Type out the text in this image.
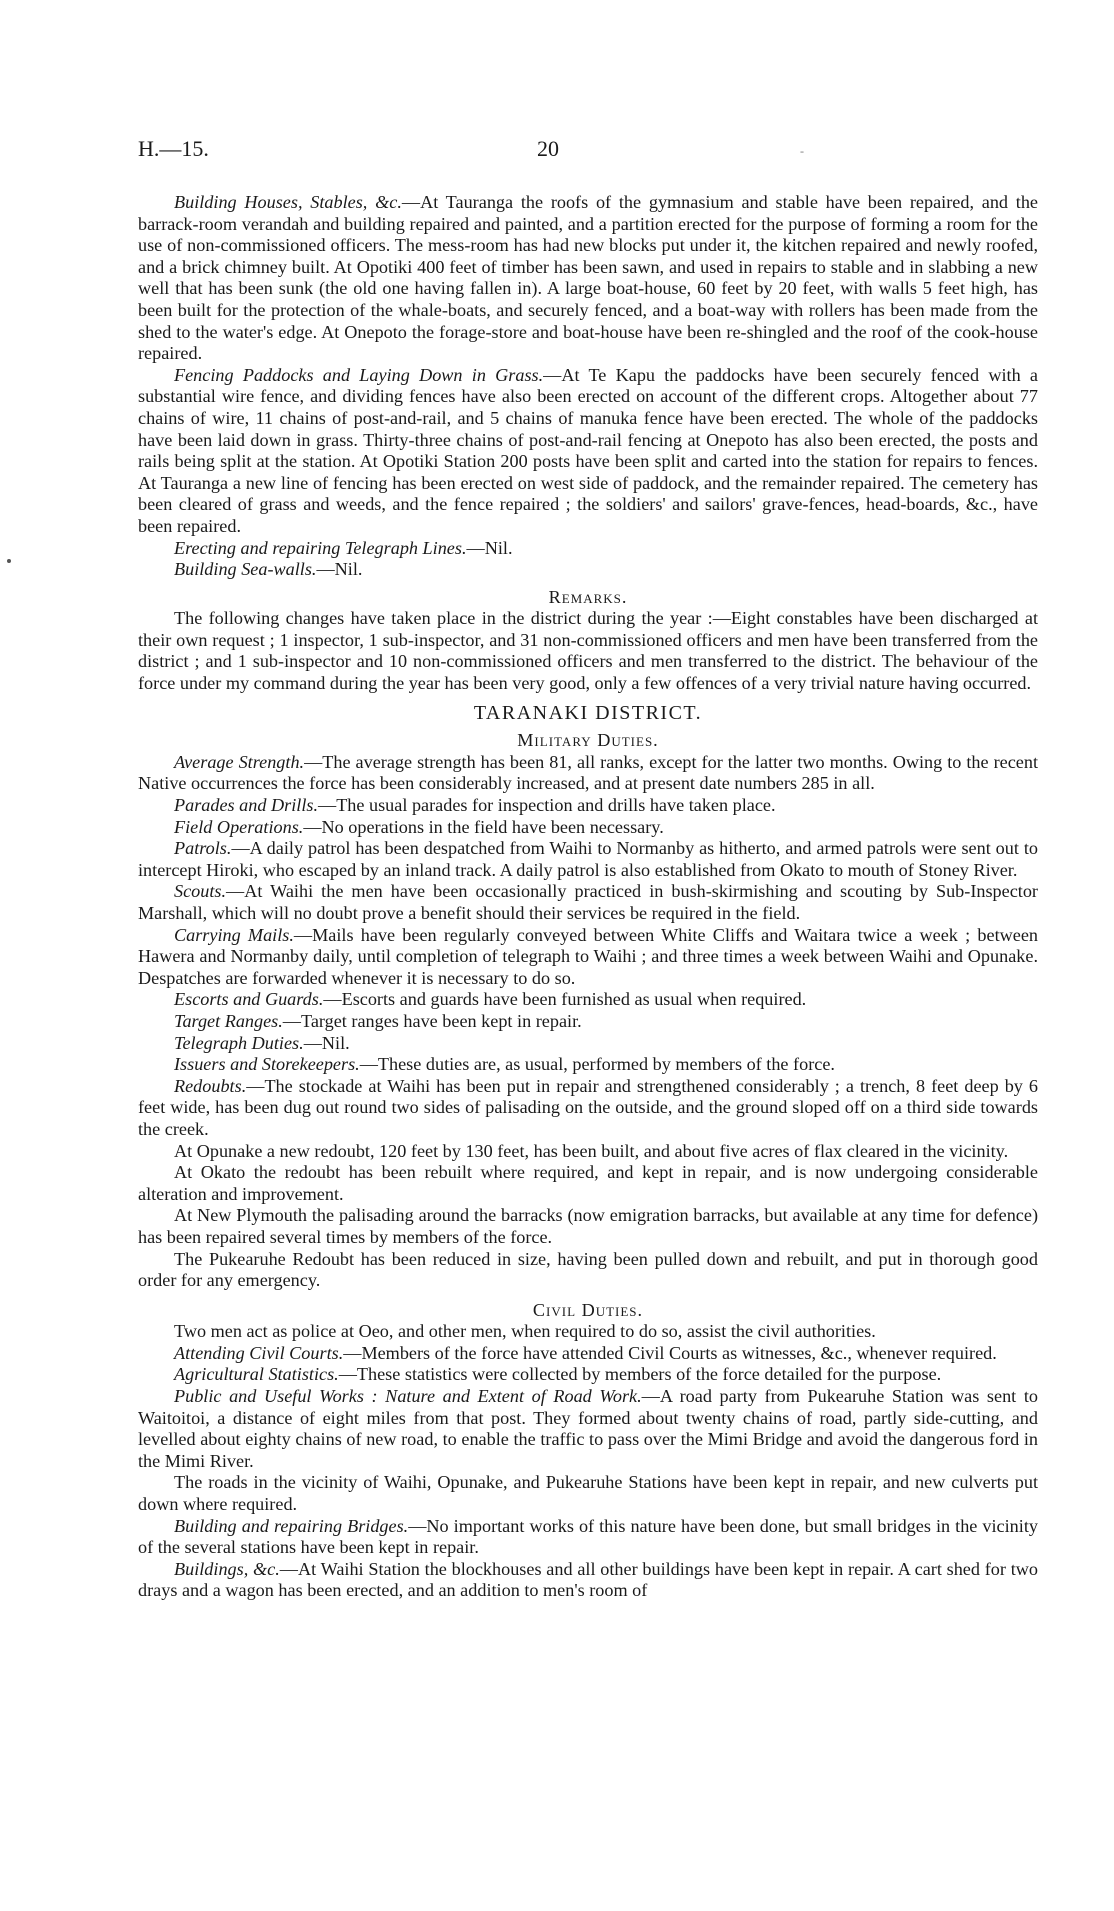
H.—15.	20	-

Building Houses, Stables, &c.—At Tauranga the roofs of the gymnasium and stable have been repaired, and the barrack-room verandah and building repaired and painted, and a partition erected for the purpose of forming a room for the use of non-commissioned officers. The mess-room has had new blocks put under it, the kitchen repaired and newly roofed, and a brick chimney built. At Opotiki 400 feet of timber has been sawn, and used in repairs to stable and in slabbing a new well that has been sunk (the old one having fallen in). A large boat-house, 60 feet by 20 feet, with walls 5 feet high, has been built for the protection of the whale-boats, and securely fenced, and a boat-way with rollers has been made from the shed to the water's edge. At Onepoto the forage-store and boat-house have been re-shingled and the roof of the cook-house repaired.

Fencing Paddocks and Laying Down in Grass.—At Te Kapu the paddocks have been securely fenced with a substantial wire fence, and dividing fences have also been erected on account of the different crops. Altogether about 77 chains of wire, 11 chains of post-and-rail, and 5 chains of manuka fence have been erected. The whole of the paddocks have been laid down in grass. Thirty-three chains of post-and-rail fencing at Onepoto has also been erected, the posts and rails being split at the station. At Opotiki Station 200 posts have been split and carted into the station for repairs to fences. At Tauranga a new line of fencing has been erected on west side of paddock, and the remainder repaired. The cemetery has been cleared of grass and weeds, and the fence repaired ; the soldiers' and sailors' grave-fences, head-boards, &c., have been repaired.

Erecting and repairing Telegraph Lines.—Nil.

Building Sea-walls.—Nil.

Remarks.

The following changes have taken place in the district during the year :—Eight constables have been discharged at their own request ; 1 inspector, 1 sub-inspector, and 31 non-commissioned officers and men have been transferred from the district ; and 1 sub-inspector and 10 non-commissioned officers and men transferred to the district. The behaviour of the force under my command during the year has been very good, only a few offences of a very trivial nature having occurred.

TARANAKI DISTRICT.

Military Duties.

Average Strength.—The average strength has been 81, all ranks, except for the latter two months. Owing to the recent Native occurrences the force has been considerably increased, and at present date numbers 285 in all.

Parades and Drills.—The usual parades for inspection and drills have taken place.

Field Operations.—No operations in the field have been necessary.

Patrols.—A daily patrol has been despatched from Waihi to Normanby as hitherto, and armed patrols were sent out to intercept Hiroki, who escaped by an inland track. A daily patrol is also established from Okato to mouth of Stoney River.

Scouts.—At Waihi the men have been occasionally practiced in bush-skirmishing and scouting by Sub-Inspector Marshall, which will no doubt prove a benefit should their services be required in the field.

Carrying Mails.—Mails have been regularly conveyed between White Cliffs and Waitara twice a week ; between Hawera and Normanby daily, until completion of telegraph to Waihi ; and three times a week between Waihi and Opunake. Despatches are forwarded whenever it is necessary to do so.

Escorts and Guards.—Escorts and guards have been furnished as usual when required.

Target Ranges.—Target ranges have been kept in repair.

Telegraph Duties.—Nil.

Issuers and Storekeepers.—These duties are, as usual, performed by members of the force.

Redoubts.—The stockade at Waihi has been put in repair and strengthened considerably ; a trench, 8 feet deep by 6 feet wide, has been dug out round two sides of palisading on the outside, and the ground sloped off on a third side towards the creek.

At Opunake a new redoubt, 120 feet by 130 feet, has been built, and about five acres of flax cleared in the vicinity.

At Okato the redoubt has been rebuilt where required, and kept in repair, and is now undergoing considerable alteration and improvement.

At New Plymouth the palisading around the barracks (now emigration barracks, but available at any time for defence) has been repaired several times by members of the force.

The Pukearuhe Redoubt has been reduced in size, having been pulled down and rebuilt, and put in thorough good order for any emergency.

Civil Duties.

Two men act as police at Oeo, and other men, when required to do so, assist the civil authorities.

Attending Civil Courts.—Members of the force have attended Civil Courts as witnesses, &c., whenever required.

Agricultural Statistics.—These statistics were collected by members of the force detailed for the purpose.

Public and Useful Works : Nature and Extent of Road Work.—A road party from Pukearuhe Station was sent to Waitoitoi, a distance of eight miles from that post. They formed about twenty chains of road, partly side-cutting, and levelled about eighty chains of new road, to enable the traffic to pass over the Mimi Bridge and avoid the dangerous ford in the Mimi River.

The roads in the vicinity of Waihi, Opunake, and Pukearuhe Stations have been kept in repair, and new culverts put down where required.

Building and repairing Bridges.—No important works of this nature have been done, but small bridges in the vicinity of the several stations have been kept in repair.

Buildings, &c.—At Waihi Station the blockhouses and all other buildings have been kept in repair. A cart shed for two drays and a wagon has been erected, and an addition to men's room of
